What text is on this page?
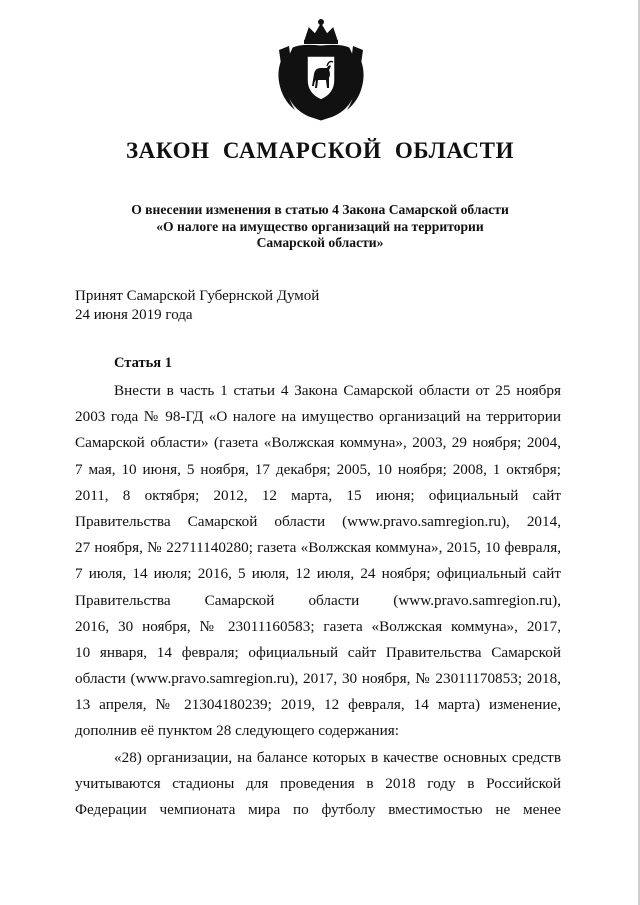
ЗАКОН САМАРСКОЙ ОБЛАСТИ
О внесении изменения в статью 4 Закона Самарской области
«О налоге на имущество организаций на территории
Самарской области»
Принят Самарской Губернской Думой
24 июня 2019 года
Статья 1
Внести в часть 1 статьи 4 Закона Самарской области от 25 ноября
2003 года № 98-ГД «О налоге на имущество организаций на территории
Самарской области» (газета «Волжская коммуна», 2003, 29 ноября; 2004,
7 мая, 10 июня, 5 ноября, 17 декабря; 2005, 10 ноября; 2008, 1 октября;
2011, 8 октября; 2012, 12 марта, 15 июня; официальный сайт
Правительства Самарской области (www.pravo.samregion.ru), 2014,
27 ноября, № 22711140280; газета «Волжская коммуна», 2015, 10 февраля,
7 июля, 14 июля; 2016, 5 июля, 12 июля, 24 ноября; официальный сайт
Правительства Самарской области (www.pravo.samregion.ru),
2016, 30 ноября, № 23011160583; газета «Волжская коммуна», 2017,
10 января, 14 февраля; официальный сайт Правительства Самарской
области (www.pravo.samregion.ru), 2017, 30 ноября, № 23011170853; 2018,
13 апреля, № 21304180239; 2019, 12 февраля, 14 марта) изменение,
дополнив её пунктом 28 следующего содержания:
«28) организации, на балансе которых в качестве основных средств
учитываются стадионы для проведения в 2018 году в Российской
Федерации чемпионата мира по футболу вместимостью не менее
